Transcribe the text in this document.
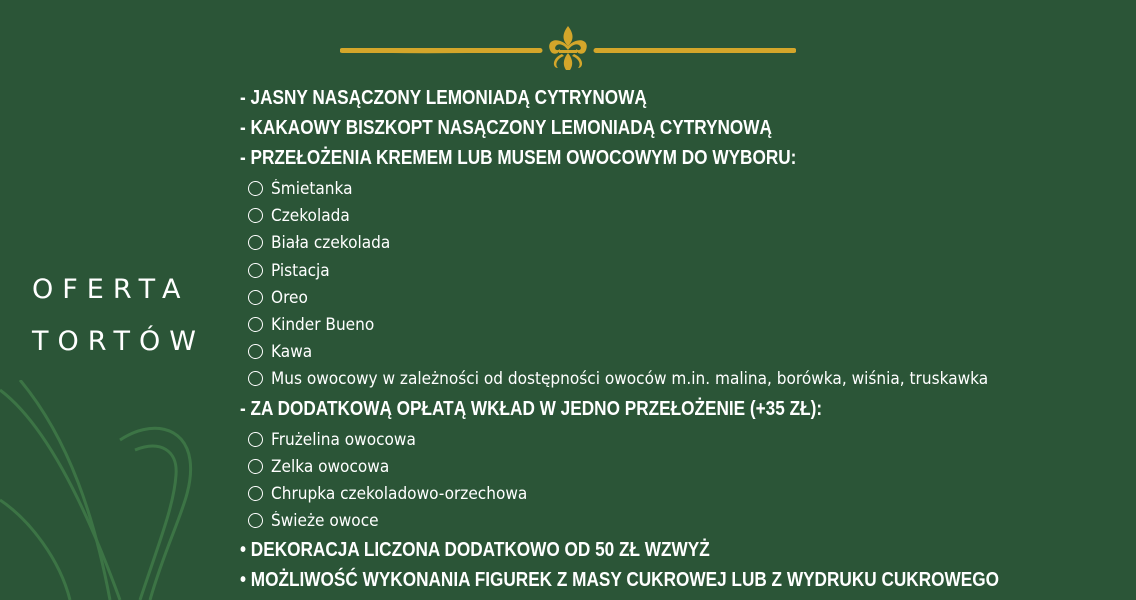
OFERTA
TORTÓW
- JASNY NASĄCZONY LEMONIADĄ CYTRYNOWĄ
- KAKAOWY BISZKOPT NASĄCZONY LEMONIADĄ CYTRYNOWĄ
- PRZEŁOŻENIA KREMEM LUB MUSEM OWOCOWYM DO WYBORU:
Śmietanka
Czekolada
Biała czekolada
Pistacja
Oreo
Kinder Bueno
Kawa
Mus owocowy w zależności od dostępności owoców m.in. malina, borówka, wiśnia, truskawka
- ZA DODATKOWĄ OPŁATĄ WKŁAD W JEDNO PRZEŁOŻENIE (+35 ZŁ):
Frużelina owocowa
Zelka owocowa
Chrupka czekoladowo-orzechowa
Świeże owoce
• DEKORACJA LICZONA DODATKOWO OD 50 ZŁ WZWYŻ
• MOŻLIWOŚĆ WYKONANIA FIGUREK Z MASY CUKROWEJ LUB Z WYDRUKU CUKROWEGO
